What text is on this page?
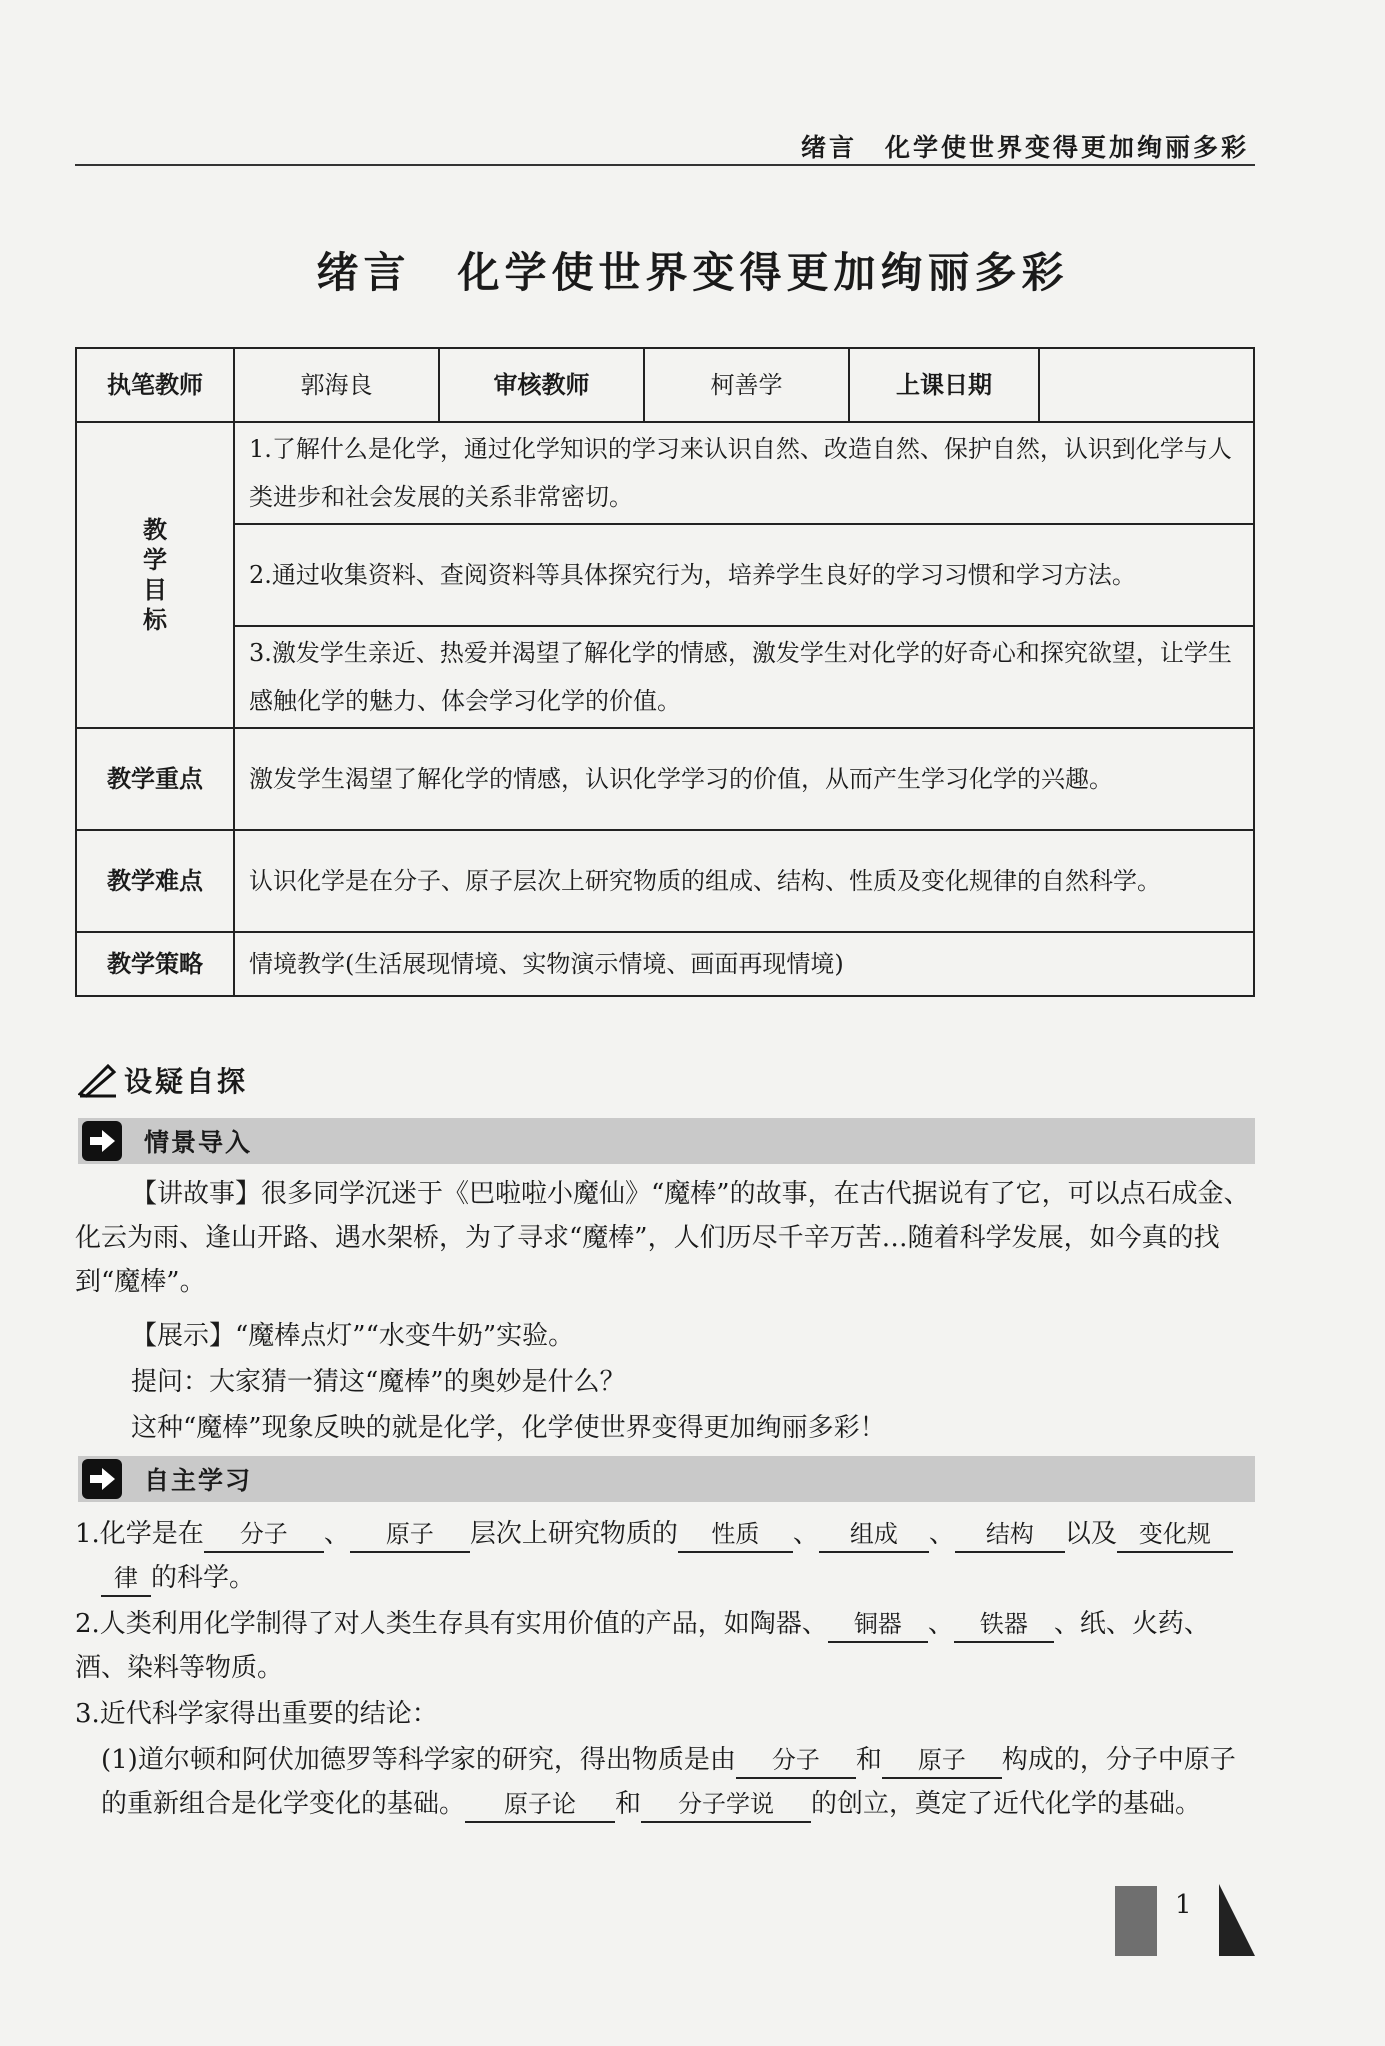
绪言　化学使世界变得更加绚丽多彩
绪言　化学使世界变得更加绚丽多彩
执笔教师	郭海良	审核教师	柯善学	上课日期	

教学目标	1.了解什么是化学，通过化学知识的学习来认识自然、改造自然、保护自然，认识到化学与人类进步和社会发展的关系非常密切。				
	2.通过收集资料、查阅资料等具体探究行为，培养学生良好的学习习惯和学习方法。				
	3.激发学生亲近、热爱并渴望了解化学的情感，激发学生对化学的好奇心和探究欲望，让学生感触化学的魅力、体会学习化学的价值。				
教学重点	激发学生渴望了解化学的情感，认识化学学习的价值，从而产生学习化学的兴趣。				
教学难点	认识化学是在分子、原子层次上研究物质的组成、结构、性质及变化规律的自然科学。				
教学策略	情境教学(生活展现情境、实物演示情境、画面再现情境)				
设疑自探
情景导入
【讲故事】很多同学沉迷于《巴啦啦小魔仙》“魔棒”的故事，在古代据说有了它，可以点石成金、化云为雨、逢山开路、遇水架桥，为了寻求“魔棒”，人们历尽千辛万苦…随着科学发展，如今真的找到“魔棒”。
【展示】“魔棒点灯”“水变牛奶”实验。
提问：大家猜一猜这“魔棒”的奥妙是什么？
这种“魔棒”现象反映的就是化学，化学使世界变得更加绚丽多彩！
自主学习
1.化学是在 分子 、 原子 层次上研究物质的 性质 、 组成 、 结构 以及 变化规
律 的科学。
2.人类利用化学制得了对人类生存具有实用价值的产品，如陶器、 铜器 、 铁器 、纸、火药、酒、染料等物质。
3.近代科学家得出重要的结论：
(1)道尔顿和阿伏加德罗等科学家的研究，得出物质是由 分子 和 原子 构成的，分子中原子的重新组合是化学变化的基础。 原子论 和 分子学说 的创立，奠定了近代化学的基础。
1
